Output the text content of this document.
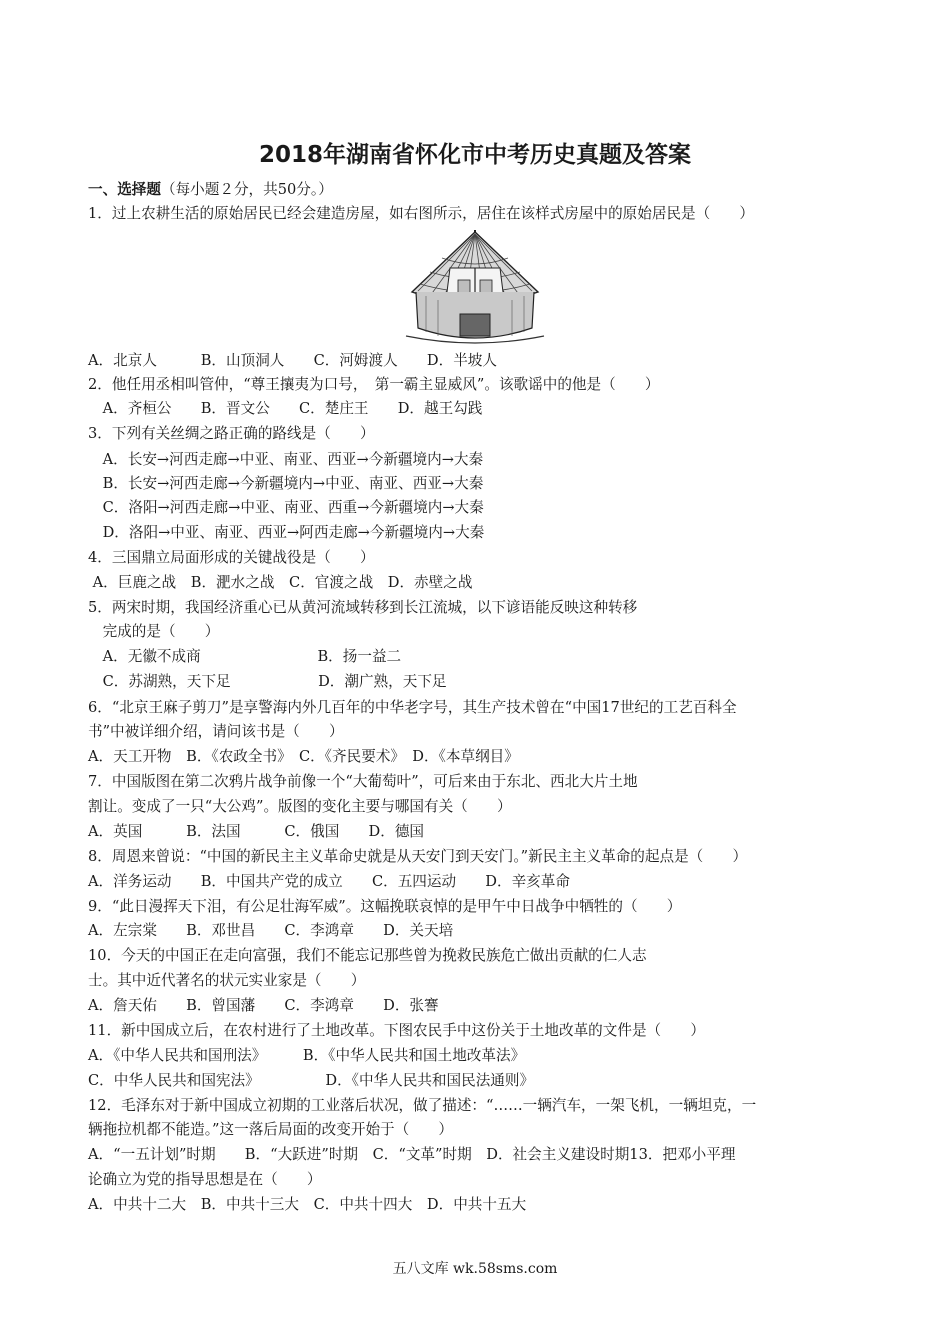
2018年湖南省怀化市中考历史真题及答案
一、选择题（每小题２分，共50分。）
1．过上农耕生活的原始居民已经会建造房屋，如右图所示，居住在该样式房屋中的原始居民是（　　）
A．北京人　　　B．山顶洞人　　C．河姆渡人　　D．半坡人
2．他任用丞相叫管仲，“尊王攘夷为口号，　第一霸主显威风”。该歌谣中的他是（　　）
　A．齐桓公　　B．晋文公　　C．楚庄王　　D．越王勾践
3．下列有关丝绸之路正确的路线是（　　）
　A．长安→河西走廊→中亚、南亚、西亚→今新疆境内→大秦
　B．长安→河西走廊→今新疆境内→中亚、南亚、西亚→大秦
　C．洛阳→河西走廊→中亚、南亚、西重→今新疆境内→大秦
　D．洛阳→中亚、南亚、西亚→阿西走廊→今新疆境内→大秦
4．三国鼎立局面形成的关键战役是（　　）
A．巨鹿之战　B．淝水之战　C．官渡之战　D．赤壁之战
5．两宋时期，我国经济重心已从黄河流域转移到长江流城，以下谚语能反映这种转移
　完成的是（　　）
　A．无徽不成商　　　　　　　　B．扬一益二
　C．苏湖熟，天下足　　　　　　D．潮广熟，天下足
6．“北京王麻子剪刀”是享警海内外几百年的中华老字号，其生产技术曾在“中国17世纪的工艺百科全
书”中被详细介绍，请问该书是（　　）
A．天工开物　B．《农政全书》　C．《齐民要术》　D．《本草纲目》
7．中国版图在第二次鸦片战争前像一个“大葡萄叶”，可后来由于东北、西北大片土地
割让。变成了一只“大公鸡”。版图的变化主要与哪国有关（　　）
A．英国　　　B．法国　　　C．俄国　　D．德国
8．周恩来曾说：“中国的新民主主义革命史就是从天安门到天安门。”新民主主义革命的起点是（　　）
A．洋务运动　　B．中国共产党的成立　　C．五四运动　　D．辛亥革命
9．“此日漫挥天下泪，有公足壮海军威”。这幅挽联哀悼的是甲午中日战争中牺牲的（　　）
A．左宗棠　　B．邓世昌　　C．李鸿章　　D．关天培
10．今天的中国正在走向富强，我们不能忘记那些曾为挽救民族危亡做出贡献的仁人志
士。其中近代著名的状元实业家是（　　）
A．詹天佑　　B．曾国藩　　C．李鸿章　　D．张謇
11．新中国成立后，在农村进行了土地改革。下图农民手中这份关于土地改革的文件是（　　）
A．《中华人民共和国刑法》　　　B．《中华人民共和国土地改革法》
C．中华人民共和国宪法》　　　　　D．《中华人民共和国民法通则》
12．毛泽东对于新中国成立初期的工业落后状况，做了描述：“……一辆汽车，一架飞机，一辆坦克，一
辆拖拉机都不能造。”这一落后局面的改变开始于（　　）
A．“一五计划”时期　　B．“大跃进”时期　C．“文革”时期　D．社会主义建设时期13．把邓小平理
论确立为党的指导思想是在（　　）
A．中共十二大　B．中共十三大　C．中共十四大　D．中共十五大
五八文库 wk.58sms.com
